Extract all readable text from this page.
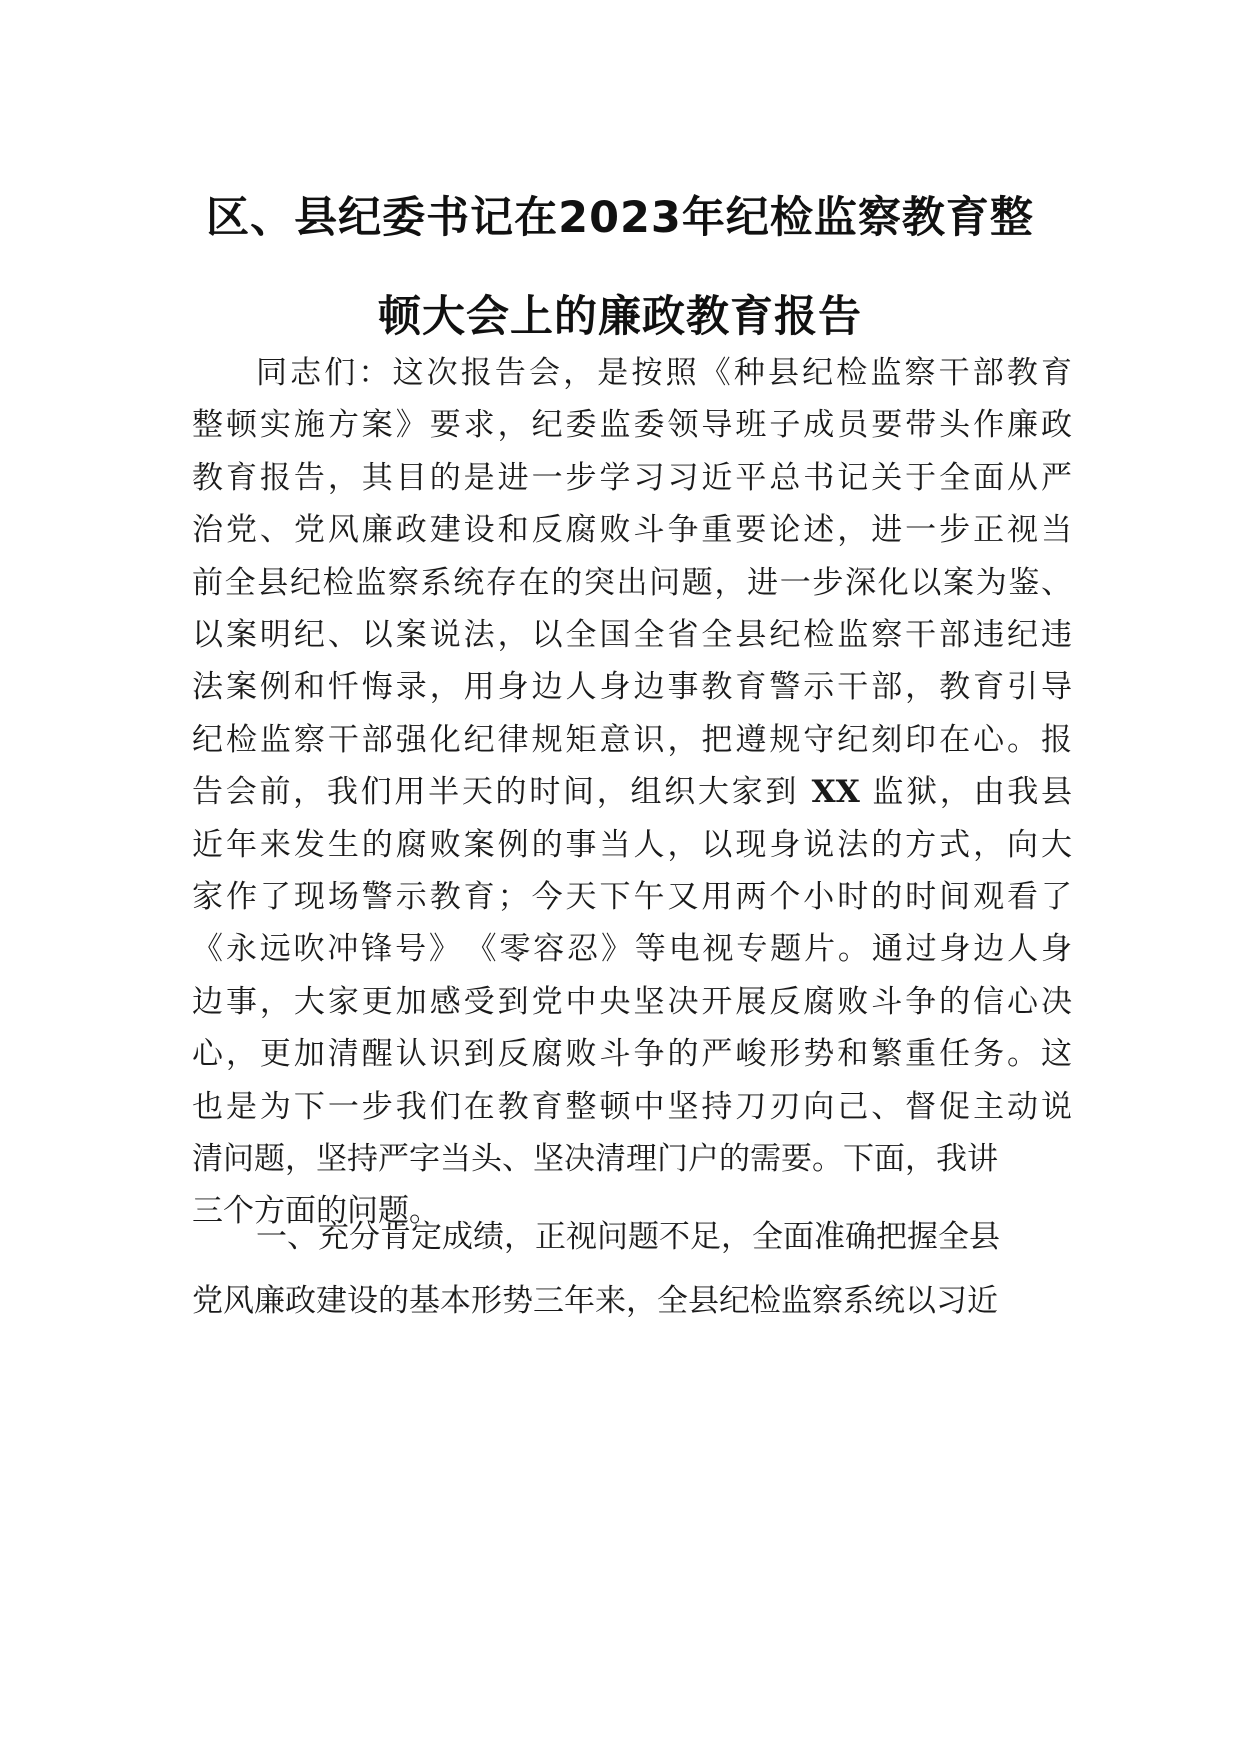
区、县纪委书记在2023年纪检监察教育整
顿大会上的廉政教育报告
同志们：这次报告会，是按照《种县纪检监察干部教育
整顿实施方案》要求，纪委监委领导班子成员要带头作廉政
教育报告，其目的是进一步学习习近平总书记关于全面从严
治党、党风廉政建设和反腐败斗争重要论述，进一步正视当
前全县纪检监察系统存在的突出问题，进一步深化以案为鉴、
以案明纪、以案说法，以全国全省全县纪检监察干部违纪违
法案例和忏悔录，用身边人身边事教育警示干部，教育引导
纪检监察干部强化纪律规矩意识，把遵规守纪刻印在心。报
告会前，我们用半天的时间，组织大家到 XX 监狱，由我县
近年来发生的腐败案例的事当人，以现身说法的方式，向大
家作了现场警示教育；今天下午又用两个小时的时间观看了
《永远吹冲锋号》　《零容忍》等电视专题片。通过身边人身
边事，大家更加感受到党中央坚决开展反腐败斗争的信心决
心，更加清醒认识到反腐败斗争的严峻形势和繁重任务。这
也是为下一步我们在教育整顿中坚持刀刃向己、督促主动说
清问题，坚持严字当头、坚决清理门户的需要。下面，我讲
三个方面的问题。
一、充分肯定成绩，正视问题不足，全面准确把握全县
党风廉政建设的基本形势三年来，全县纪检监察系统以习近
